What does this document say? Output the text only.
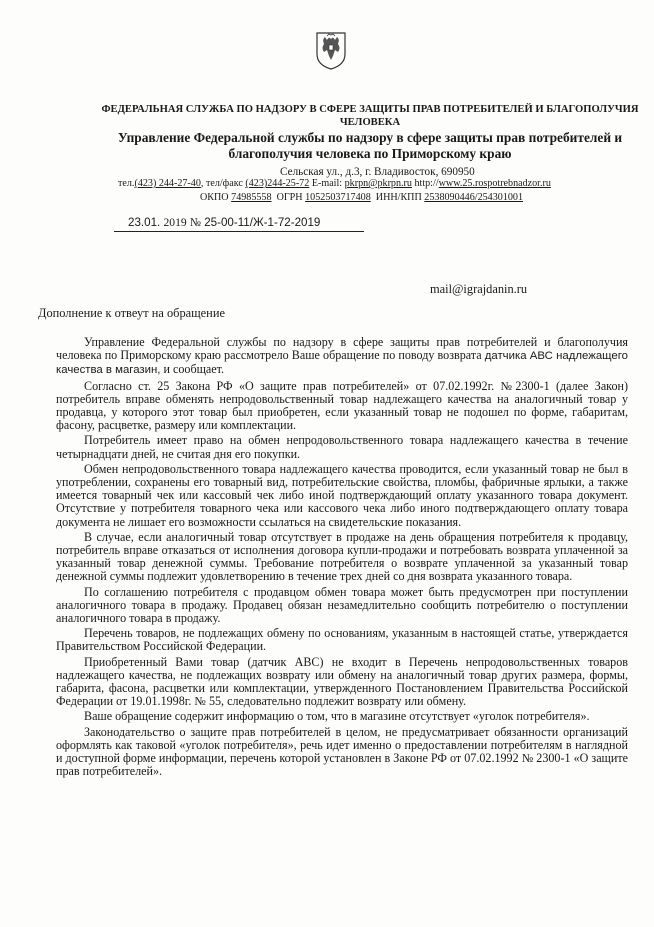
ФЕДЕРАЛЬНАЯ СЛУЖБА ПО НАДЗОРУ В СФЕРЕ ЗАЩИТЫ ПРАВ ПОТРЕБИТЕЛЕЙ И БЛАГОПОЛУЧИЯ ЧЕЛОВЕКА
Управление Федеральной службы по надзору в сфере защиты прав потребителей и благополучия человека по Приморскому краю
Сельская ул., д.3, г. Владивосток, 690950
тел.(423) 244-27-40, тел/факс (423)244-25-72 E-mail: pkrpn@pkrpn.ru http://www.25.rospotrebnadzor.ru
ОКПО 74985558 ОГРН 1052503717408 ИНН/КПП 2538090446/254301001
23.01. 2019 № 25-00-11/Ж-1-72-2019
mail@igrajdanin.ru
Дополнение к отвеут на обращение

Управление Федеральной службы по надзору в сфере защиты прав потребителей и благополучия человека по Приморскому краю рассмотрело Ваше обращение по поводу возврата датчика АВС надлежащего качества в магазин, и сообщает.

Согласно ст. 25 Закона РФ «О защите прав потребителей» от 07.02.1992г. №2300-1 (далее Закон) потребитель вправе обменять непродовольственный товар надлежащего качества на аналогичный товар у продавца, у которого этот товар был приобретен, если указанный товар не подошел по форме, габаритам, фасону, расцветке, размеру или комплектации.

Потребитель имеет право на обмен непродовольственного товара надлежащего качества в течение четырнадцати дней, не считая дня его покупки.

Обмен непродовольственного товара надлежащего качества проводится, если указанный товар не был в употреблении, сохранены его товарный вид, потребительские свойства, пломбы, фабричные ярлыки, а также имеется товарный чек или кассовый чек либо иной подтверждающий оплату указанного товара документ. Отсутствие у потребителя товарного чека или кассового чека либо иного подтверждающего оплату товара документа не лишает его возможности ссылаться на свидетельские показания.

В случае, если аналогичный товар отсутствует в продаже на день обращения потребителя к продавцу, потребитель вправе отказаться от исполнения договора купли-продажи и потребовать возврата уплаченной за указанный товар денежной суммы. Требование потребителя о возврате уплаченной за указанный товар денежной суммы подлежит удовлетворению в течение трех дней со дня возврата указанного товара.

По соглашению потребителя с продавцом обмен товара может быть предусмотрен при поступлении аналогичного товара в продажу. Продавец обязан незамедлительно сообщить потребителю о поступлении аналогичного товара в продажу.

Перечень товаров, не подлежащих обмену по основаниям, указанным в настоящей статье, утверждается Правительством Российской Федерации.

Приобретенный Вами товар (датчик АВС) не входит в Перечень непродовольственных товаров надлежащего качества, не подлежащих возврату или обмену на аналогичный товар других размера, формы, габарита, фасона, расцветки или комплектации, утвержденного Постановлением Правительства Российской Федерации от 19.01.1998г. № 55, следовательно подлежит возврату или обмену.

Ваше обращение содержит информацию о том, что в магазине отсутствует «уголок потребителя».

Законодательство о защите прав потребителей в целом, не предусматривает обязанности организаций оформлять как таковой «уголок потребителя», речь идет именно о предоставлении потребителям в наглядной и доступной форме информации, перечень которой установлен в Законе РФ от 07.02.1992 № 2300-1 «О защите прав потребителей».
